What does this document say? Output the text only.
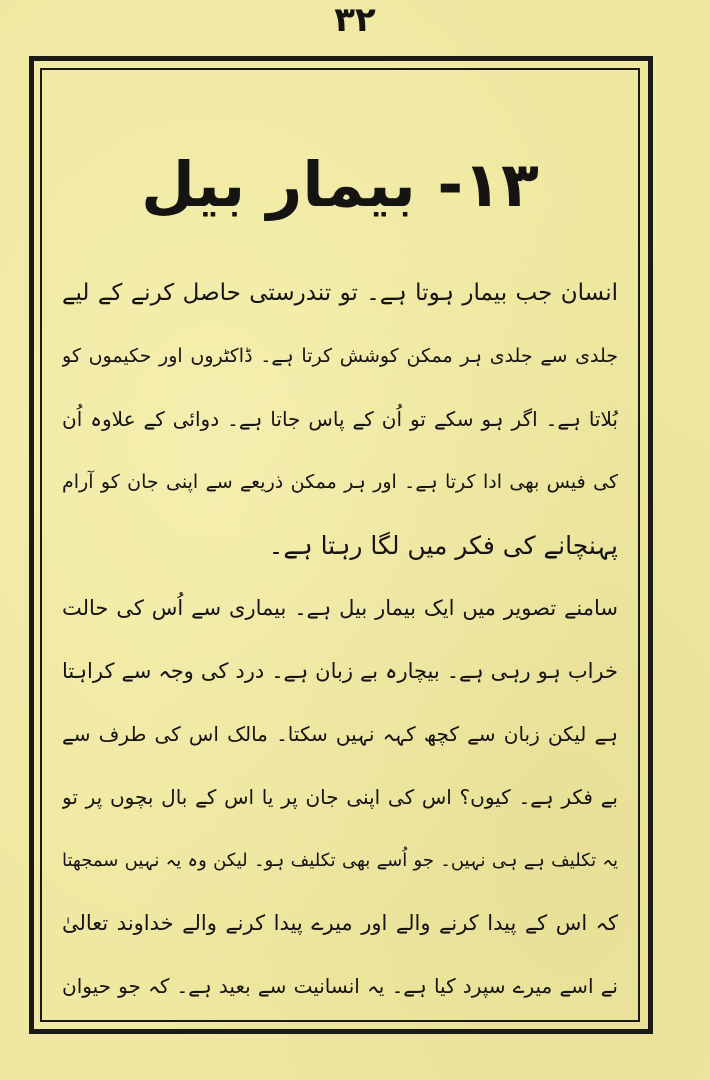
۳۲
۱۳- بیمار بیل
انسان جب بیمار ہوتا ہے۔ تو تندرستی حاصل کرنے کے لیے
جلدی سے جلدی ہر ممکن کوشش کرتا ہے۔ ڈاکٹروں اور حکیموں کو
بُلاتا ہے۔ اگر ہو سکے تو اُن کے پاس جاتا ہے۔ دوائی کے علاوہ اُن
کی فیس بھی ادا کرتا ہے۔ اور ہر ممکن ذریعے سے اپنی جان کو آرام
پہنچانے کی فکر میں لگا رہتا ہے۔
سامنے تصویر میں ایک بیمار بیل ہے۔ بیماری سے اُس کی حالت
خراب ہو رہی ہے۔ بیچارہ بے زبان ہے۔ درد کی وجہ سے کراہتا
ہے لیکن زبان سے کچھ کہہ نہیں سکتا۔ مالک اس کی طرف سے
بے فکر ہے۔ کیوں؟ اس کی اپنی جان پر یا اس کے بال بچوں پر تو
یہ تکلیف ہے ہی نہیں۔ جو اُسے بھی تکلیف ہو۔ لیکن وہ یہ نہیں سمجھتا
کہ اس کے پیدا کرنے والے اور میرے پیدا کرنے والے خداوند تعالیٰ
نے اسے میرے سپرد کیا ہے۔ یہ انسانیت سے بعید ہے۔ کہ جو حیوان
